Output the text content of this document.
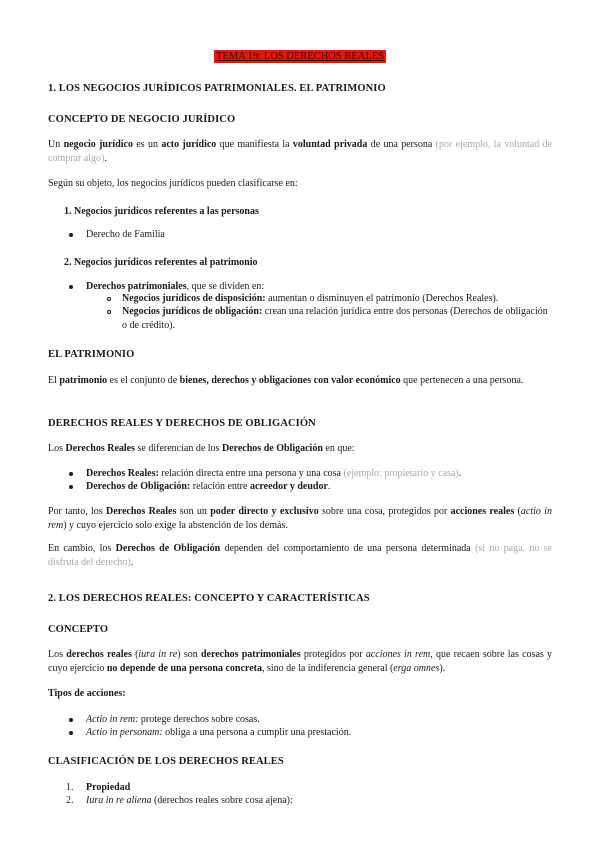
TEMA 19: LOS DERECHOS REALES
1. LOS NEGOCIOS JURÍDICOS PATRIMONIALES. EL PATRIMONIO
CONCEPTO DE NEGOCIO JURÍDICO
Un negocio jurídico es un acto jurídico que manifiesta la voluntad privada de una persona (por ejemplo, la voluntad de comprar algo).
Según su objeto, los negocios jurídicos pueden clasificarse en:
1. Negocios jurídicos referentes a las personas
Derecho de Familia
2. Negocios jurídicos referentes al patrimonio
Derechos patrimoniales, que se dividen en:
Negocios jurídicos de disposición: aumentan o disminuyen el patrimonio (Derechos Reales).
Negocios jurídicos de obligación: crean una relación jurídica entre dos personas (Derechos de obligación o de crédito).
EL PATRIMONIO
El patrimonio es el conjunto de bienes, derechos y obligaciones con valor económico que pertenecen a una persona.
DERECHOS REALES Y DERECHOS DE OBLIGACIÓN
Los Derechos Reales se diferencian de los Derechos de Obligación en que:
Derechos Reales: relación directa entre una persona y una cosa (ejemplo: propietario y casa).
Derechos de Obligación: relación entre acreedor y deudor.
Por tanto, los Derechos Reales son un poder directo y exclusivo sobre una cosa, protegidos por acciones reales (actio in rem) y cuyo ejercicio solo exige la abstención de los demás.
En cambio, los Derechos de Obligación dependen del comportamiento de una persona determinada (si no paga, no se disfruta del derecho).
2. LOS DERECHOS REALES: CONCEPTO Y CARACTERÍSTICAS
CONCEPTO
Los derechos reales (iura in re) son derechos patrimoniales protegidos por acciones in rem, que recaen sobre las cosas y cuyo ejercicio no depende de una persona concreta, sino de la indiferencia general (erga omnes).
Tipos de acciones:
Actio in rem: protege derechos sobre cosas.
Actio in personam: obliga a una persona a cumplir una prestación.
CLASIFICACIÓN DE LOS DERECHOS REALES
1. Propiedad
2. Iura in re aliena (derechos reales sobre cosa ajena):
